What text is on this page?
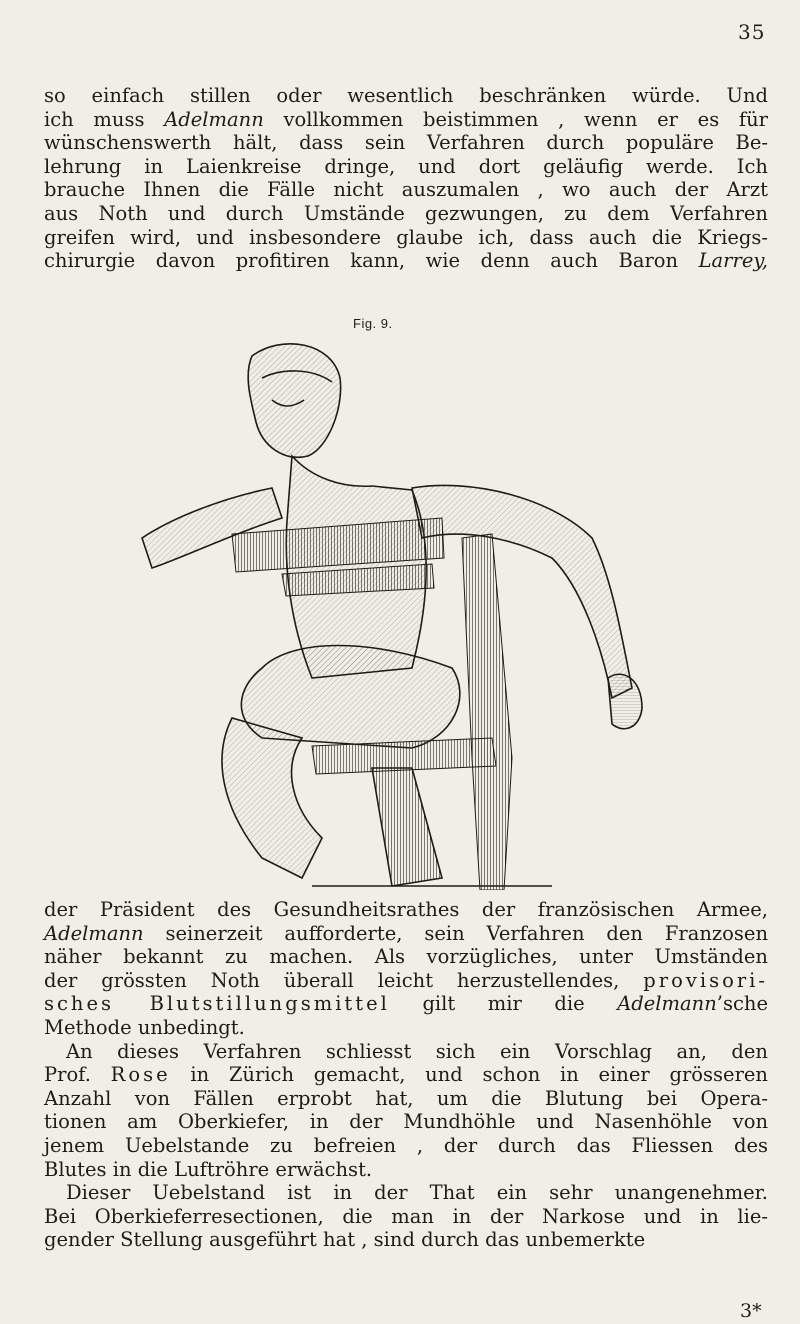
35
so einfach stillen oder wesentlich beschränken würde. Und
ich muss Adelmann vollkommen beistimmen , wenn er es für
wünschenswerth hält, dass sein Verfahren durch populäre Be-
lehrung in Laienkreise dringe, und dort geläufig werde. Ich
brauche Ihnen die Fälle nicht auszumalen , wo auch der Arzt
aus Noth und durch Umstände gezwungen, zu dem Verfahren
greifen wird, und insbesondere glaube ich, dass auch die Kriegs-
chirurgie davon profitiren kann, wie denn auch Baron Larrey,
Fig. 9.
der Präsident des Gesundheitsrathes der französischen Armee,
Adelmann seinerzeit aufforderte, sein Verfahren den Franzosen
näher bekannt zu machen. Als vorzügliches, unter Umständen
der grössten Noth überall leicht herzustellendes, provisori-
sches Blutstillungsmittel gilt mir die Adelmann’sche
Methode unbedingt.
An dieses Verfahren schliesst sich ein Vorschlag an, den
Prof. Rose in Zürich gemacht, und schon in einer grösseren
Anzahl von Fällen erprobt hat, um die Blutung bei Opera-
tionen am Oberkiefer, in der Mundhöhle und Nasenhöhle von
jenem Uebelstande zu befreien , der durch das Fliessen des
Blutes in die Luftröhre erwächst.
Dieser Uebelstand ist in der That ein sehr unangenehmer.
Bei Oberkieferresectionen, die man in der Narkose und in lie-
gender Stellung ausgeführt hat , sind durch das unbemerkte
3*
